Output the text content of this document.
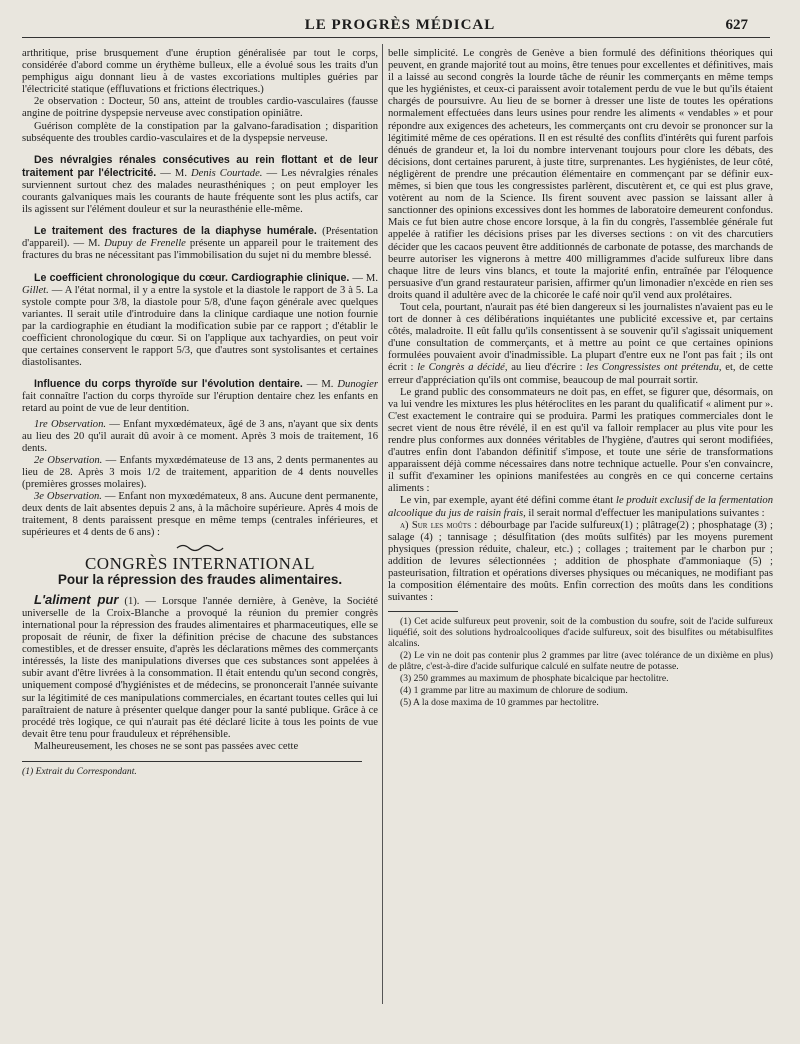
LE PROGRÈS MÉDICAL	627

arthritique, prise brusquement d'une éruption généralisée par tout le corps, considérée d'abord comme un érythème bulleux, elle a évolué sous les traits d'un pemphigus aigu donnant lieu à de vastes excoriations multiples guéries par l'électricité statique (effluvations et frictions électriques.)

2e observation : Docteur, 50 ans, atteint de troubles cardio-vasculaires (fausse angine de poitrine dyspepsie nerveuse avec constipation opiniâtre.

Guérison complète de la constipation par la galvano-faradisation ; disparition subséquente des troubles cardio-vasculaires et de la dyspepsie nerveuse.

Des névralgies rénales consécutives au rein flottant et de leur traitement par l'électricité. — M. Denis Courtade. — Les névralgies rénales surviennent surtout chez des malades neurasthéniques ; on peut employer les courants galvaniques mais les courants de haute fréquente sont les plus actifs, car ils agissent sur l'élément douleur et sur la neurasthénie elle-même.

Le traitement des fractures de la diaphyse humérale. (Présentation d'appareil). — M. Dupuy de Frenelle présente un appareil pour le traitement des fractures du bras ne nécessitant pas l'immobilisation du sujet ni du membre blessé.

Le coefficient chronologique du cœur. Cardiographie clinique. — M. Gillet. — A l'état normal, il y a entre la systole et la diastole le rapport de 3 à 5. La systole compte pour 3/8, la diastole pour 5/8, d'une façon générale avec quelques variantes. Il serait utile d'introduire dans la clinique cardiaque une notion fournie par la cardiographie en étudiant la modification subie par ce rapport ; d'établir le coefficient chronologique du cœur. Si on l'applique aux tachyardies, on peut voir que certaines conservent le rapport 5/3, que d'autres sont systolisantes et certaines diastolisantes.

Influence du corps thyroïde sur l'évolution dentaire. — M. Dunogier fait connaître l'action du corps thyroïde sur l'éruption dentaire chez les enfants en retard au point de vue de leur dentition.

1re Observation. — Enfant myxœdémateux, âgé de 3 ans, n'ayant que six dents au lieu des 20 qu'il aurait dû avoir à ce moment. Après 3 mois de traitement, 16 dents.

2e Observation. — Enfants myxœdémateuse de 13 ans, 2 dents permanentes au lieu de 28. Après 3 mois 1/2 de traitement, apparition de 4 dents nouvelles (premières grosses molaires).

3e Observation. — Enfant non myxœdémateux, 8 ans. Aucune dent permanente, deux dents de lait absentes depuis 2 ans, à la mâchoire supérieure. Après 4 mois de traitement, 8 dents paraissent presque en même temps (centrales inférieures, et supérieures et 4 dents de 6 ans) :

CONGRÈS INTERNATIONAL
Pour la répression des fraudes alimentaires.

L'aliment pur (1). — Lorsque l'année dernière, à Genève, la Société universelle de la Croix-Blanche a provoqué la réunion du premier congrès international pour la répression des fraudes alimentaires et pharmaceutiques, elle se proposait de réunir, de fixer la définition précise de chacune des substances comestibles, et de dresser ensuite, d'après les déclarations mêmes des commerçants intéressés, la liste des manipulations diverses que ces substances sont appelées à subir avant d'être livrées à la consommation. Il était entendu qu'un second congrès, uniquement composé d'hygiénistes et de médecins, se prononcerait l'année suivante sur la légitimité de ces manipulations commerciales, en écartant toutes celles qui lui paraîtraient de nature à présenter quelque danger pour la santé publique. Grâce à ce procédé très logique, ce qui n'aurait pas été déclaré licite à tous les points de vue devait être tenu pour frauduleux et répréhensible.

Malheureusement, les choses ne se sont pas passées avec cette

(1) Extrait du Correspondant.

belle simplicité. Le congrès de Genève a bien formulé des définitions théoriques qui peuvent, en grande majorité tout au moins, être tenues pour excellentes et définitives, mais il a laissé au second congrès la lourde tâche de réunir les commerçants en même temps que les hygiénistes, et ceux-ci paraissent avoir totalement perdu de vue le but qu'ils étaient chargés de poursuivre. Au lieu de se borner à dresser une liste de toutes les opérations normalement effectuées dans leurs usines pour rendre les aliments « vendables » et pour répondre aux exigences des acheteurs, les commerçants ont cru devoir se prononcer sur la légitimité même de ces opérations. Il en est résulté des conflits d'intérêts qui furent parfois dénués de grandeur et, la loi du nombre intervenant toujours pour clore les débats, des décisions, dont certaines parurent, à juste titre, surprenantes. Les hygiénistes, de leur côté, négligèrent de prendre une précaution élémentaire en commençant par se définir eux-mêmes, si bien que tous les congressistes parlèrent, discutèrent et, ce qui est plus grave, votèrent au nom de la Science. Ils firent souvent avec passion se laissant aller à sanctionner des opinions excessives dont les hommes de laboratoire demeurent confondus. Mais ce fut bien autre chose encore lorsque, à la fin du congrès, l'assemblée générale fut appelée à ratifier les décisions prises par les diverses sections : on vit des charcutiers décider que les cacaos peuvent être additionnés de carbonate de potasse, des marchands de beurre autoriser les vignerons à mettre 400 milligrammes d'acide sulfureux libre dans chaque litre de leurs vins blancs, et toute la majorité enfin, entraînée par l'éloquence persuasive d'un grand restaurateur parisien, affirmer qu'un limonadier n'excède en rien ses droits quand il adultère avec de la chicorée le café noir qu'il vend aux prolétaires.

Tout cela, pourtant, n'aurait pas été bien dangereux si les journalistes n'avaient pas eu le tort de donner à ces délibérations inquiétantes une publicité excessive et, par certains côtés, maladroite. Il eût fallu qu'ils consentissent à se souvenir qu'il s'agissait uniquement d'une consultation de commerçants, et à mettre au point ce que certaines opinions formulées pouvaient avoir d'inadmissible. La plupart d'entre eux ne l'ont pas fait ; ils ont écrit : le Congrès a décidé, au lieu d'écrire : les Congressistes ont prétendu, et, de cette erreur d'appréciation qu'ils ont commise, beaucoup de mal pourrait sortir.

Le grand public des consommateurs ne doit pas, en effet, se figurer que, désormais, on va lui vendre les mixtures les plus hétéroclites en les parant du qualificatif « aliment pur ». C'est exactement le contraire qui se produira. Parmi les pratiques commerciales dont le secret vient de nous être révélé, il en est qu'il va falloir remplacer au plus vite pour les rendre plus conformes aux données véritables de l'hygiène, d'autres qui seront modifiées, d'autres enfin dont l'abandon définitif s'impose, et toute une série de transformations apparaissent déjà comme nécessaires dans notre technique actuelle. Pour s'en convaincre, il suffit d'examiner les opinions manifestées au congrès en ce qui concerne certains aliments :

Le vin, par exemple, ayant été défini comme étant le produit exclusif de la fermentation alcoolique du jus de raisin frais, il serait normal d'effectuer les manipulations suivantes :

a) Sur les moûts : débourbage par l'acide sulfureux(1) ; plâtrage(2) ; phosphatage (3) ; salage (4) ; tannisage ; désulfitation (des moûts sulfités) par les moyens purement physiques (pression réduite, chaleur, etc.) ; collages ; traitement par le charbon pur ; addition de levures sélectionnées ; addition de phosphate d'ammoniaque (5) ; pasteurisation, filtration et opérations diverses physiques ou mécaniques, ne modifiant pas la composition élémentaire des moûts. Enfin correction des moûts dans les conditions suivantes :

(1) Cet acide sulfureux peut provenir, soit de la combustion du soufre, soit de l'acide sulfureux liquéfié, soit des solutions hydroalcooliques d'acide sulfureux, soit des bisulfites ou métabisulfites alcalins.

(2) Le vin ne doit pas contenir plus 2 grammes par litre (avec tolérance de un dixième en plus) de plâtre, c'est-à-dire d'acide sulfurique calculé en sulfate neutre de potasse.

(3) 250 grammes au maximum de phosphate bicalcique par hectolitre.

(4) 1 gramme par litre au maximum de chlorure de sodium.

(5) A la dose maxima de 10 grammes par hectolitre.
